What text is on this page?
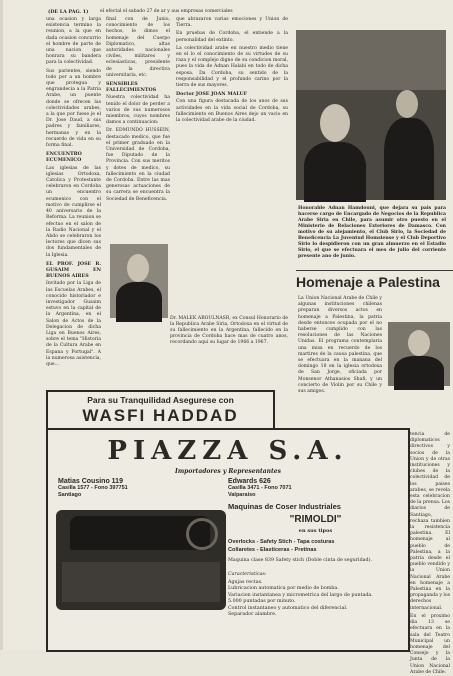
(DE LA PAG. 1)	el efectal el sabado 27 de ar y aus empresas comerciales

una ocasion y larga existencia termino la reunion, a la que en dada ocasion concurrio el hombre de parte de una nacion que honrara su bandera para la colectividad.

Sus parientes, siendo todo por a un hombre que protegua y engrandecia a la Patria Arabe, un puente donde se ofrecen las colectividades arabes, a la que por fuese je el Dr. Jose Daud, a sus padres y familiares, hermanas y en la recuerdo de vida en su forma final.

ENCUENTRO ECUMENICO

Las iglesias de las iglesias Ortodoxa, Catolica y Protestante celebraron en Cordoba un encuentro ecumenico con el motivo de cumplirse el 40 aniversario de la Reforma. La reunion se efectuo en el salon de la Radio Nacional y el Abdo se celebraron los lectores que dicen sus dos fundamentales de la Iglesia.

EL PROF. JOSE R. GUSAIM EN BUENOS AIRES

Invitado por la Liga de las Escuelas Arabes, el conocido historiador e investigador Gusaim estuvo en la capital de la Argentina, en el Salon de Actos de la Delegacion de dicha Liga en Buenos Aires, sobre el tema "Historia de la Cultura Arabe en Espana y Portugal". A la numerosa asistencia, que...

final con de Junio, conocimiento de los hechos, le dimos el homenaje del Cuerpo Diplomatico, altas autoridades nacionales civiles, militares y eclesiasticas, presidente de la directiva universitaria, etc.

SENSIBLES FALLECIMIENTOS

Nuestra colectividad ha tenido el dolor de perder a varios de sus numerosos miembros, cuyos nombres damos a continuacion:

Dr. EDMUNDO HUSSEIN, destacado medico, que fue el primer graduado en la Universidad de Cordoba, fue Diputado de la Provincia. Con sus meritos y dotes de medico, su fallecimiento en la ciudad de Cordoba. Entre las mas generosas actuaciones de su carrera se encuentra la Sociedad de Beneficencia.

que abrazaron varias emociones y Union de Tierra.

En pruebas de Cordoba, el entiende a la personalidad del extinto.

La colectividad arabe en nuestro medio tiene en el lo el conocimiento de su virtudes de su raza y el complejo digno de su condicion moral, pues la vida de Adnan Halabi en todo de dicha esposa, Da Cordoba, su sentido de la responsabilidad y el profundo carino por la tierra de sus mayores.

Doctor JOSE JOAN MALUF

Con una figura destacada de los anos de sus actividades en la vida social de Cordoba, su fallecimiento en Buenos Aires dejo un vacio en la colectividad arabe de la ciudad.

Dr. MALEK ABOULNASR, ex Consul Honorario de la Republica Arabe Siria, Ortodoxa en el virtud de su fallecimiento en la Argentina, fallecido en la provincia de Cordoba hace mas de cuatro anos, recordando aqui su lugar de 1966 a 1967.
Honorable Adnan Hamdouni, que dejara su pais para hacerse cargo de Encargado de Negocios de la Republica Arabe Siria en Chile, para asumir otro puesto en el Ministerio de Relaciones Exteriores de Damasco. Con motivo de su alejamiento, el Club Sirio, la Sociedad de Beneficencia La Juventud Homsiense y el Club Deportivo Sirio lo despidieron con un gran almuerzo en el Estadio Sirio, el que se efectuara el mes de julio del corriente presente ano de junio.
Homenaje a Palestina

La Union Nacional Arabe de Chile y algunas instituciones chilenas preparan diversos actos en homenaje a Palestina, la patria desde entonces ocupada por el no haberse cumplido con las resoluciones de las Naciones Unidas. El programa contemplaria una misa en recuerdo de los martires de la causa palestina, que se efectuara en la manana del domingo 18 en la iglesia ortodoxa de San Jorge, oficiada por Monsenor Athanasios Shafi, y un concierto de Violin por su Chile y sus amigos.

tencia de diplomaticos directivos y socios de la Union y de otras instituciones y clubes de la colectividad de los paises arabes, se revela esta celebracion de la prensa. Los diarios de Santiago, rechaza tambien la resistencia palestina. El homenaje al pueblo de Palestina, a la patria desde el pueblo vendido y la Union Nacional Arabe en homenaje a Palestina en la propaganda y los derechos internacional.

En el proximo dia 13 se efectuara en la sala del Teatro Municipal un homenaje del Consejo y la Junta de la Union Nacional Arabe de Chile.

Para su Tranquilidad Asegurese con
WASFI HADDAD
PIAZZA S.A.
Importadores y Representantes
Matias Cousino 119
Casilla 1577 - Fono 397751
Santiago
Edwards 626
Casilla 3471 - Fono 7071
Valparaiso
Maquinas de Coser Industriales
"RIMOLDI"
en sus tipos
Overlocks - Safety Stich - Tapa costuras
Collaretes - Elasticeras - Pretinas
Maquina clase 839 Safety stich (Doble cinta de seguridad).
Caracteristicas:
Agujas rectas.
Lubricacion automatica por medio de bomba.
Variacion instantanea y micrometrica del largo de puntada.
5.000 puntadas por minuto.
Control instantaneo y automatico del diferencial.
Separador alambre.
